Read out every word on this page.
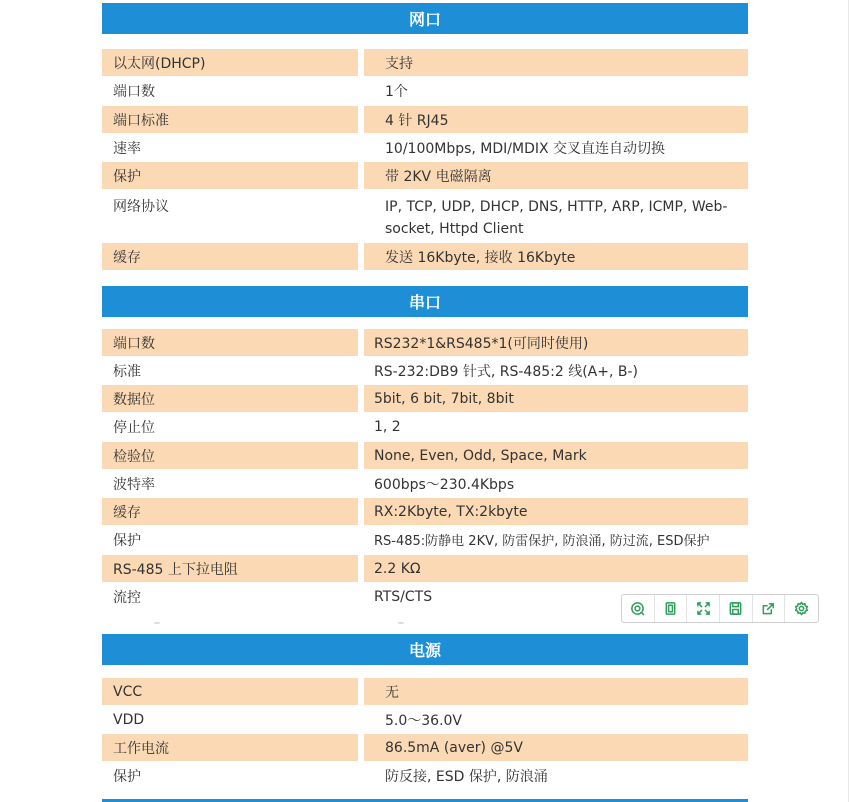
网口
以太网(DHCP)	支持
端口数	1个
端口标准	4 针 RJ45
速率	10/100Mbps, MDI/MDIX 交叉直连自动切换
保护	带 2KV 电磁隔离
网络协议	IP, TCP, UDP, DHCP, DNS, HTTP, ARP, ICMP, Web-socket, Httpd Client
缓存	发送 16Kbyte, 接收 16Kbyte
串口
端口数	RS232*1&RS485*1(可同时使用)
标准	RS-232:DB9 针式, RS-485:2 线(A+, B-)
数据位	5bit, 6 bit, 7bit, 8bit
停止位	1, 2
检验位	None, Even, Odd, Space, Mark
波特率	600bps～230.4Kbps
缓存	RX:2Kbyte, TX:2kbyte
保护	RS-485:防静电 2KV, 防雷保护, 防浪涌, 防过流, ESD保护
RS-485 上下拉电阻	2.2 KΩ
流控	RTS/CTS
电源
VCC	无
VDD	5.0～36.0V
工作电流	86.5mA (aver) @5V
保护	防反接, ESD 保护, 防浪涌
